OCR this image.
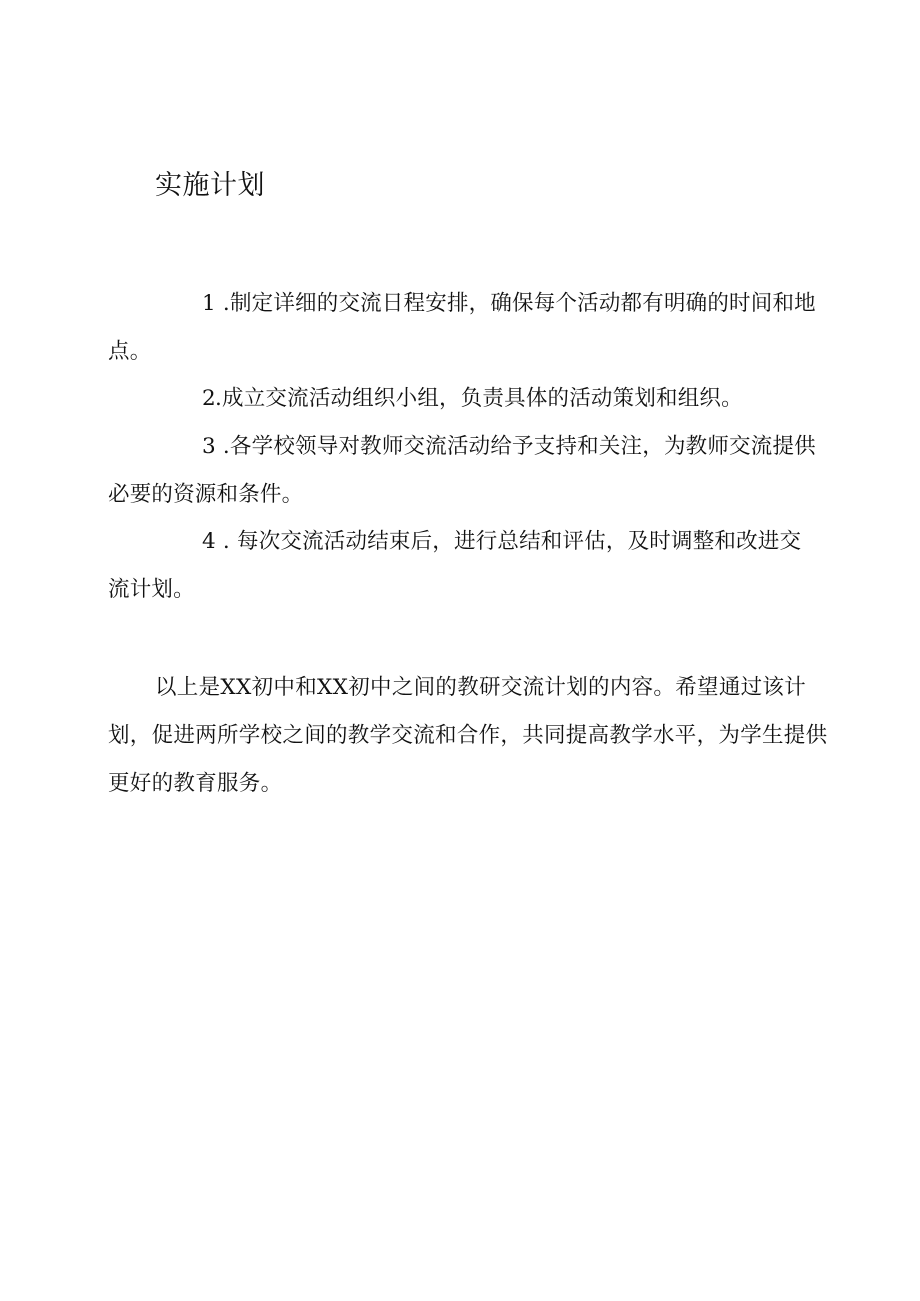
实施计划

1 .制定详细的交流日程安排，确保每个活动都有明确的时间和地点。

2.成立交流活动组织小组，负责具体的活动策划和组织。

3 .各学校领导对教师交流活动给予支持和关注，为教师交流提供必要的资源和条件。

4 . 每次交流活动结束后，进行总结和评估，及时调整和改进交流计划。

以上是XX初中和XX初中之间的教研交流计划的内容。希望通过该计划，促进两所学校之间的教学交流和合作，共同提高教学水平，为学生提供更好的教育服务。
